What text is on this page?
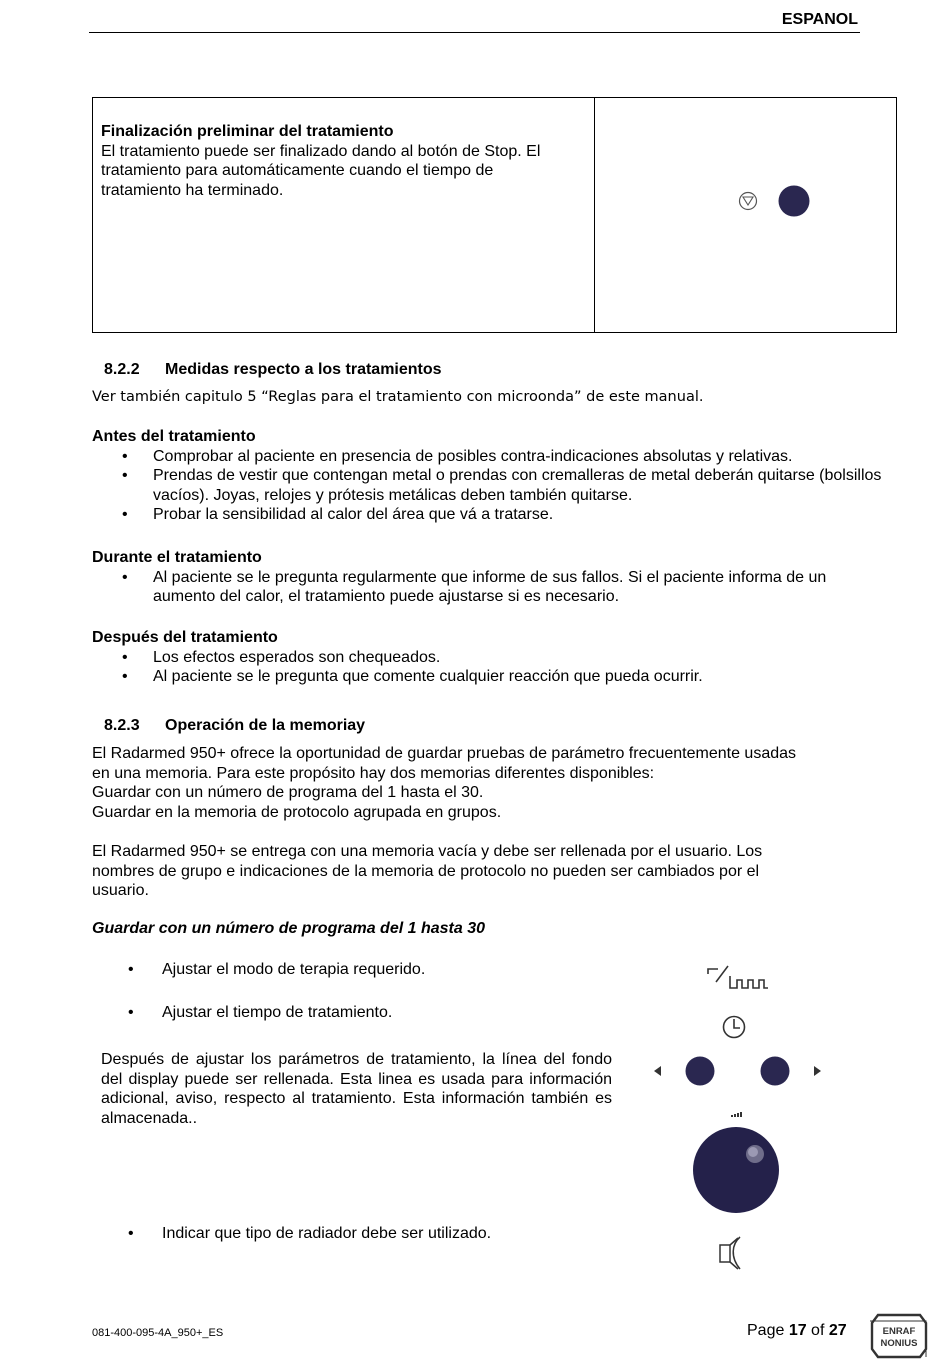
ESPANOL
Finalización preliminar del tratamiento
El tratamiento puede ser finalizado dando al botón de Stop. El
tratamiento para automáticamente cuando el tiempo de
tratamiento ha terminado.
8.2.2 Medidas respecto a los tratamientos
Ver también capitulo 5 “Reglas para el tratamiento con microonda” de este manual.
Antes del tratamiento
• Comprobar al paciente en presencia de posibles contra-indicaciones absolutas y relativas.
• Prendas de vestir que contengan metal o prendas con cremalleras de metal deberán quitarse (bolsillos vacíos). Joyas, relojes y prótesis metálicas deben también quitarse.
• Probar la sensibilidad al calor del área que vá a tratarse.
Durante el tratamiento
• Al paciente se le pregunta regularmente que informe de sus fallos. Si el paciente informa de un aumento del calor, el tratamiento puede ajustarse si es necesario.
Después del tratamiento
• Los efectos esperados son chequeados.
• Al paciente se le pregunta que comente cualquier reacción que pueda ocurrir.
8.2.3 Operación de la memoriay
El Radarmed 950+ ofrece la oportunidad de guardar pruebas de parámetro frecuentemente usadas
en una memoria. Para este propósito hay dos memorias diferentes disponibles:
Guardar con un número de programa del 1 hasta el 30.
Guardar en la memoria de protocolo agrupada en grupos.
El Radarmed 950+ se entrega con una memoria vacía y debe ser rellenada por el usuario. Los nombres de grupo e indicaciones de la memoria de protocolo no pueden ser cambiados por el usuario.
Guardar con un número de programa del 1 hasta 30
• Ajustar el modo de terapia requerido.
• Ajustar el tiempo de tratamiento.
Después de ajustar los parámetros de tratamiento, la línea del fondo del display puede ser rellenada. Esta linea es usada para información adicional, aviso, respecto al tratamiento. Esta información también es almacenada..
• Indicar que tipo de radiador debe ser utilizado.
081-400-095-4A_950+_ES	Page 17 of 27	ENRAF
NONIUS
